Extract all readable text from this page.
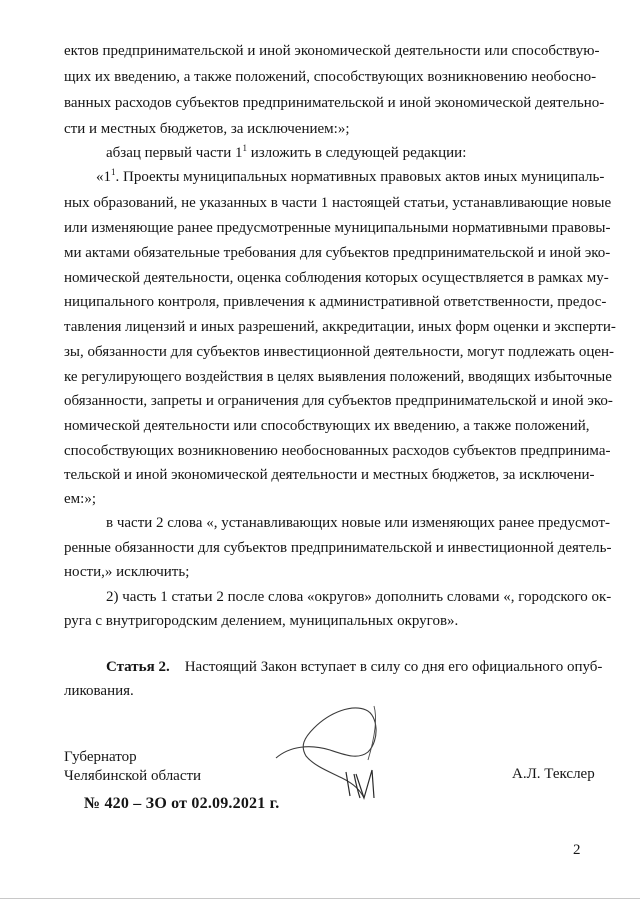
ектов предпринимательской и иной экономической деятельности или способствую-
щих их введению, а также положений, способствующих возникновению необосно-
ванных расходов субъектов предпринимательской и иной экономической деятельно-
сти и местных бюджетов, за исключением:»;
абзац первый части $1^1$ изложить в следующей редакции:
«$1^1$. Проекты муниципальных нормативных правовых актов иных муниципаль-
ных образований, не указанных в части 1 настоящей статьи, устанавливающие новые
или изменяющие ранее предусмотренные муниципальными нормативными правовы-
ми актами обязательные требования для субъектов предпринимательской и иной эко-
номической деятельности, оценка соблюдения которых осуществляется в рамках му-
ниципального контроля, привлечения к административной ответственности, предос-
тавления лицензий и иных разрешений, аккредитации, иных форм оценки и эксперти-
зы, обязанности для субъектов инвестиционной деятельности, могут подлежать оцен-
ке регулирующего воздействия в целях выявления положений, вводящих избыточные
обязанности, запреты и ограничения для субъектов предпринимательской и иной эко-
номической деятельности или способствующих их введению, а также положений,
способствующих возникновению необоснованных расходов субъектов предпринима-
тельской и иной экономической деятельности и местных бюджетов, за исключени-
ем:»;
в части 2 слова «, устанавливающих новые или изменяющих ранее предусмот-
ренные обязанности для субъектов предпринимательской и инвестиционной деятель-
ности,» исключить;
2) часть 1 статьи 2 после слова «округов» дополнить словами «, городского ок-
руга с внутригородским делением, муниципальных округов».
Статья 2. Настоящий Закон вступает в силу со дня его официального опуб-
ликования.
Губернатор
Челябинской области	А.Л. Текслер
№ 420 – ЗО от 02.09.2021 г.
2
